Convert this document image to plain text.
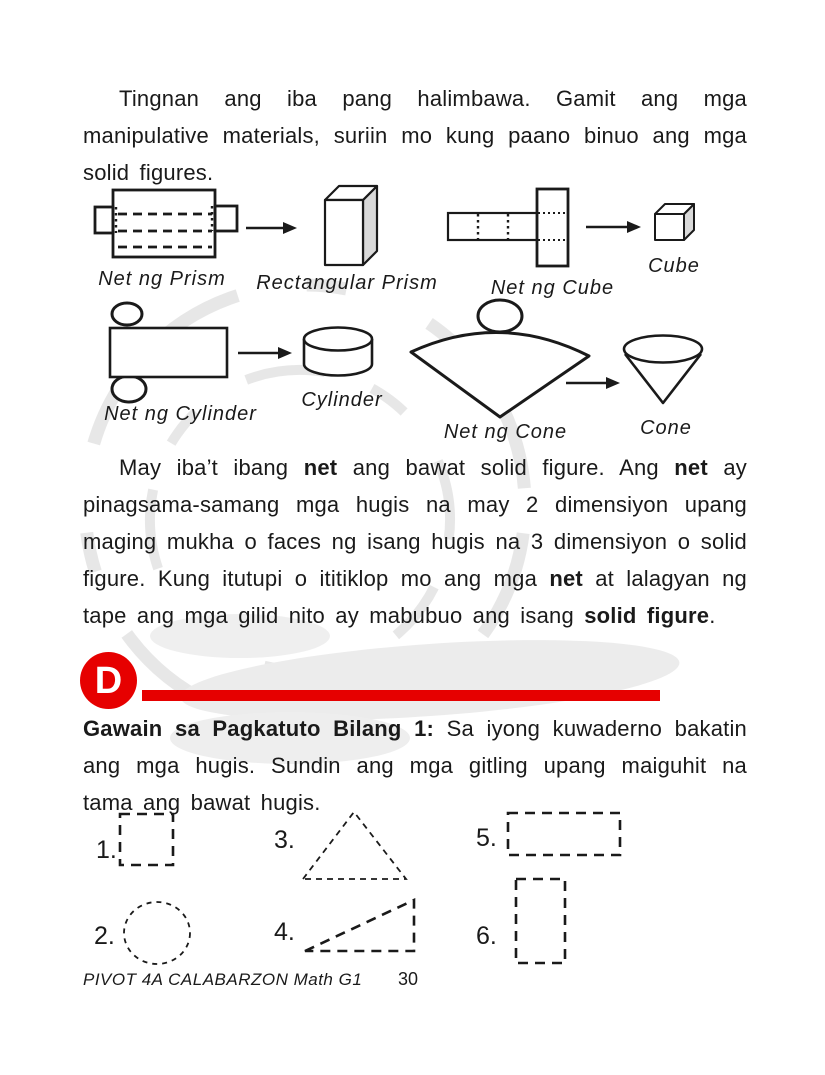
Tingnan ang iba pang halimbawa. Gamit ang mga manipulative materials, suriin mo kung paano binuo ang mga solid figures.

Net ng Prism	Rectangular Prism	Net ng Cube
Cube
Net ng Cylinder
Cylinder
Net ng Cone	Cone

May iba’t ibang net ang bawat solid figure. Ang net ay pinagsama-samang mga hugis na may 2 dimensiyon upang maging mukha o faces ng isang hugis na 3 dimensiyon o solid figure. Kung itutupi o ititiklop mo ang mga net at lalagyan ng tape ang mga gilid nito ay mabubuo ang isang solid figure.

D

Gawain sa Pagkatuto Bilang 1: Sa iyong kuwaderno bakatin ang mga hugis. Sundin ang mga gitling upang maiguhit na tama ang bawat hugis.

1.
2.
3.
4.
5.
6.
PIVOT 4A CALABARZON Math G1 30
